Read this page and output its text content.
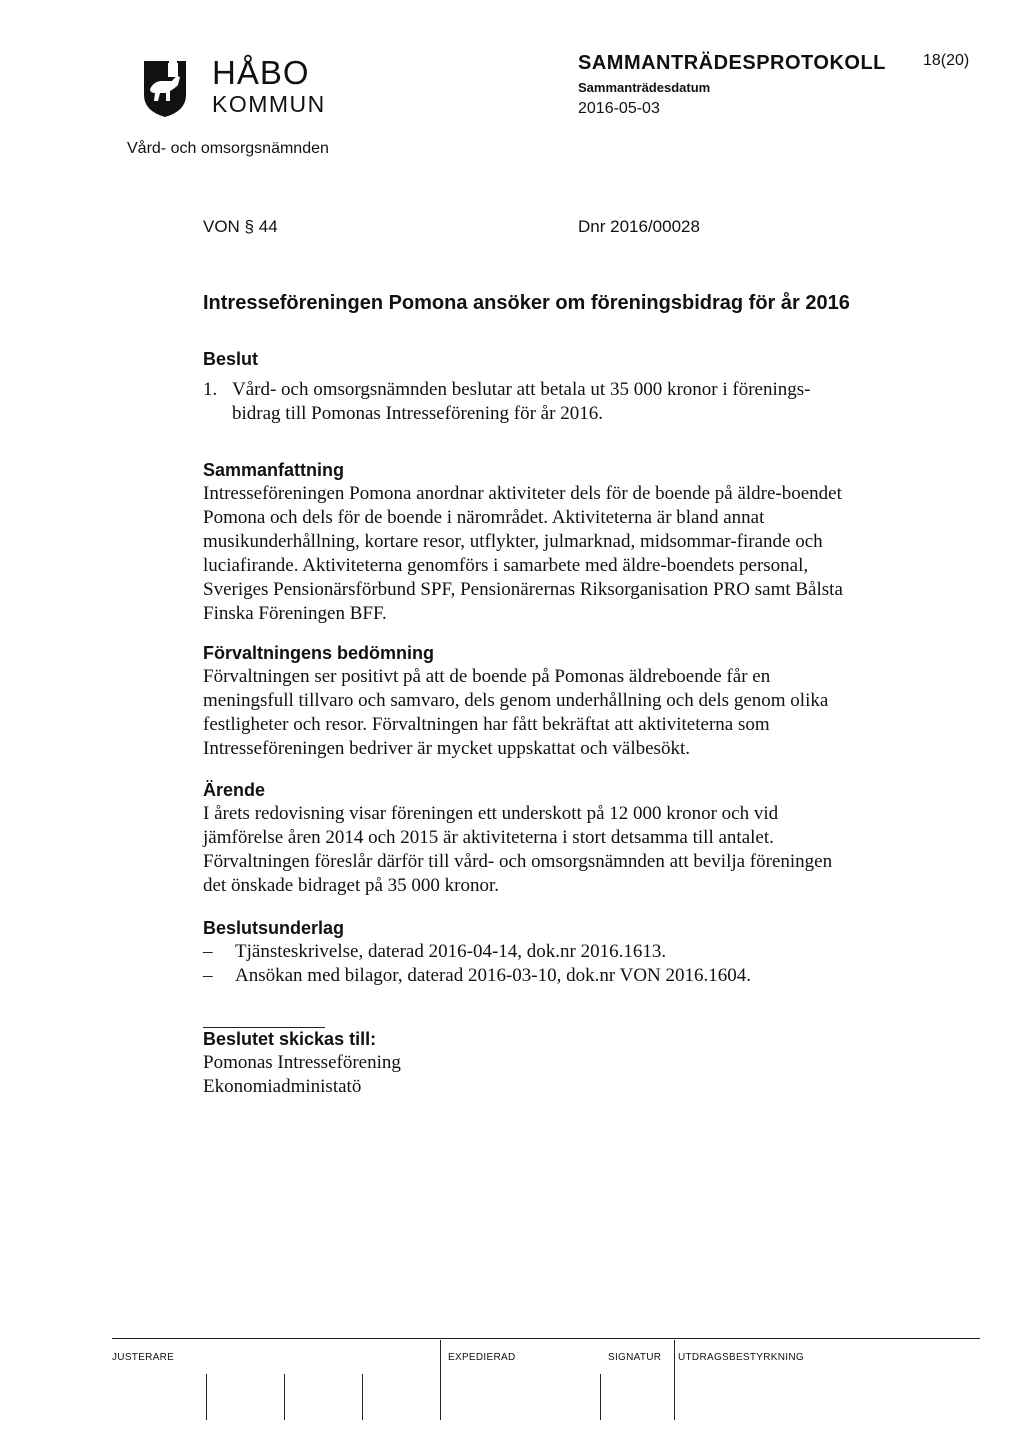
HÅBO
KOMMUN
Vård- och omsorgsnämnden
SAMMANTRÄDESPROTOKOLL 18(20)
Sammanträdesdatum
2016-05-03
VON § 44	Dnr 2016/00028
Intresseföreningen Pomona ansöker om föreningsbidrag för år 2016
Beslut
1. Vård- och omsorgsnämnden beslutar att betala ut 35 000 kronor i förenings-bidrag till Pomonas Intresseförening för år 2016.
Sammanfattning
Intresseföreningen Pomona anordnar aktiviteter dels för de boende på äldre-boendet Pomona och dels för de boende i närområdet. Aktiviteterna är bland annat musikunderhållning, kortare resor, utflykter, julmarknad, midsommar-firande och luciafirande. Aktiviteterna genomförs i samarbete med äldre-boendets personal, Sveriges Pensionärsförbund SPF, Pensionärernas Riksorganisation PRO samt Bålsta Finska Föreningen BFF.
Förvaltningens bedömning
Förvaltningen ser positivt på att de boende på Pomonas äldreboende får en meningsfull tillvaro och samvaro, dels genom underhållning och dels genom olika festligheter och resor. Förvaltningen har fått bekräftat att aktiviteterna som Intresseföreningen bedriver är mycket uppskattat och välbesökt.
Ärende
I årets redovisning visar föreningen ett underskott på 12 000 kronor och vid jämförelse åren 2014 och 2015 är aktiviteterna i stort detsamma till antalet. Förvaltningen föreslår därför till vård- och omsorgsnämnden att bevilja föreningen det önskade bidraget på 35 000 kronor.
Beslutsunderlag
– Tjänsteskrivelse, daterad 2016-04-14, dok.nr 2016.1613.
– Ansökan med bilagor, daterad 2016-03-10, dok.nr VON 2016.1604.
Beslutet skickas till:
Pomonas Intresseförening
Ekonomiadministatö
JUSTERARE	EXPEDIERAD	SIGNATUR UTDRAGSBESTYRKNING
